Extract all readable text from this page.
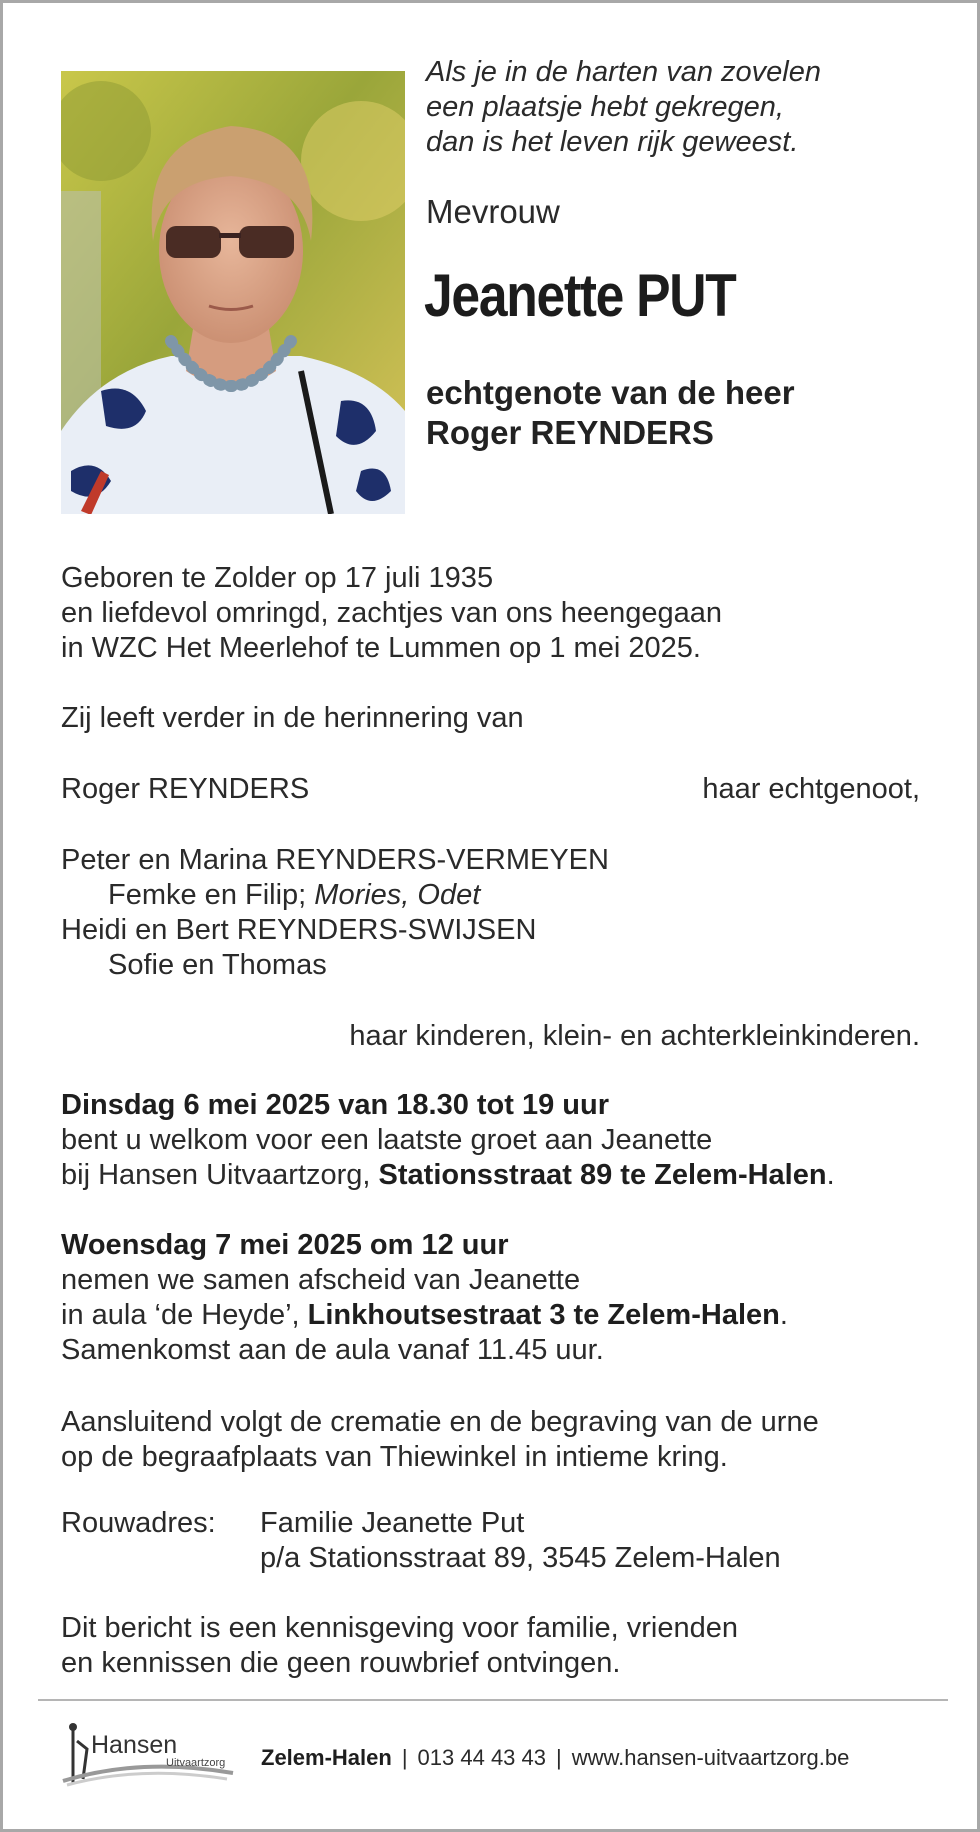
Als je in de harten van zovelen
een plaatsje hebt gekregen,
dan is het leven rijk geweest.
Mevrouw
Jeanette PUT
echtgenote van de heer
Roger REYNDERS
Geboren te Zolder op 17 juli 1935
en liefdevol omringd, zachtjes van ons heengegaan
in WZC Het Meerlehof te Lummen op 1 mei 2025.
Zij leeft verder in de herinnering van
Roger REYNDERS	haar echtgenoot,
Peter en Marina REYNDERS-VERMEYEN
Femke en Filip; Mories, Odet
Heidi en Bert REYNDERS-SWIJSEN
Sofie en Thomas
haar kinderen, klein- en achterkleinkinderen.
Dinsdag 6 mei 2025 van 18.30 tot 19 uur
bent u welkom voor een laatste groet aan Jeanette
bij Hansen Uitvaartzorg, Stationsstraat 89 te Zelem-Halen.
Woensdag 7 mei 2025 om 12 uur
nemen we samen afscheid van Jeanette
in aula ‘de Heyde’, Linkhoutsestraat 3 te Zelem-Halen.
Samenkomst aan de aula vanaf 11.45 uur.
Aansluitend volgt de crematie en de begraving van de urne
op de begraafplaats van Thiewinkel in intieme kring.
Rouwadres: Familie Jeanette Put
p/a Stationsstraat 89, 3545 Zelem-Halen
Dit bericht is een kennisgeving voor familie, vrienden
en kennissen die geen rouwbrief ontvingen.
Hansen
Uitvaartzorg Zelem-Halen | 013 44 43 43 | www.hansen-uitvaartzorg.be
